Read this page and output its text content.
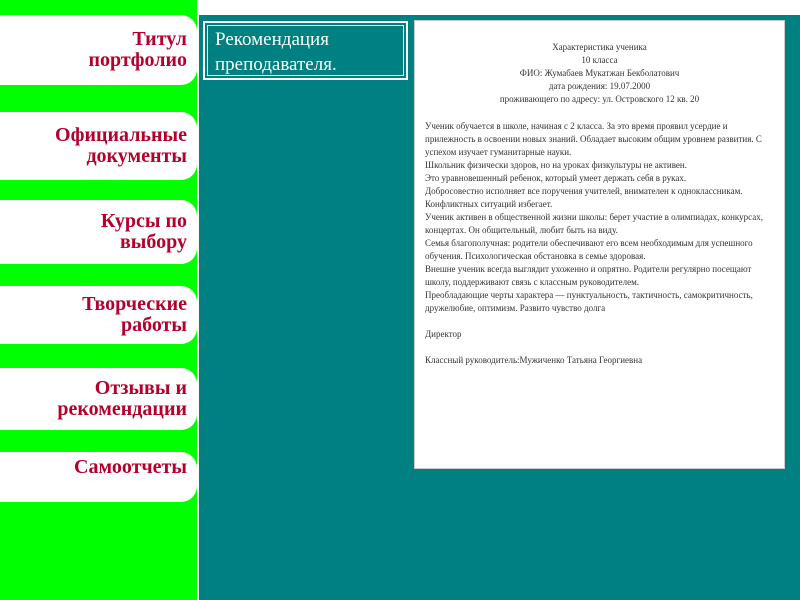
Титул
портфолио
Официальные
документы
Курсы по
выбору
Творческие
работы
Отзывы и
рекомендации
Самоотчеты
Рекомендация
преподавателя.
Характеристика ученика
10 класса
ФИО: Жумабаев Мукатжан Бекболатович
дата рождения: 19.07.2000
проживающего по адресу: ул. Островского 12 кв. 20
Ученик обучается в школе, начиная с 2 класса. За это время проявил усердие и прилежность в освоении новых знаний. Обладает высоким общим уровнем развития. С успехом изучает гуманитарные науки.
Школьник физически здоров, но на уроках физкультуры не активен.
Это уравновешенный ребенок, который умеет держать себя в руках.
Добросовестно исполняет все поручения учителей, внимателен к одноклассникам. Конфликтных ситуаций избегает.
Ученик активен в общественной жизни школы: берет участие в олимпиадах, конкурсах, концертах. Он общительный, любит быть на виду.
Семья благополучная: родители обеспечивают его всем необходимым для успешного обучения. Психологическая обстановка в семье здоровая.
Внешне ученик всегда выглядит ухоженно и опрятно. Родители регулярно посещают школу, поддерживают связь с классным руководителем.
Преобладающие черты характера — пунктуальность, тактичность, самокритичность, дружелюбие, оптимизм. Развито чувство долга

Директор

Классный руководитель:Мужиченко Татьяна Георгиевна
